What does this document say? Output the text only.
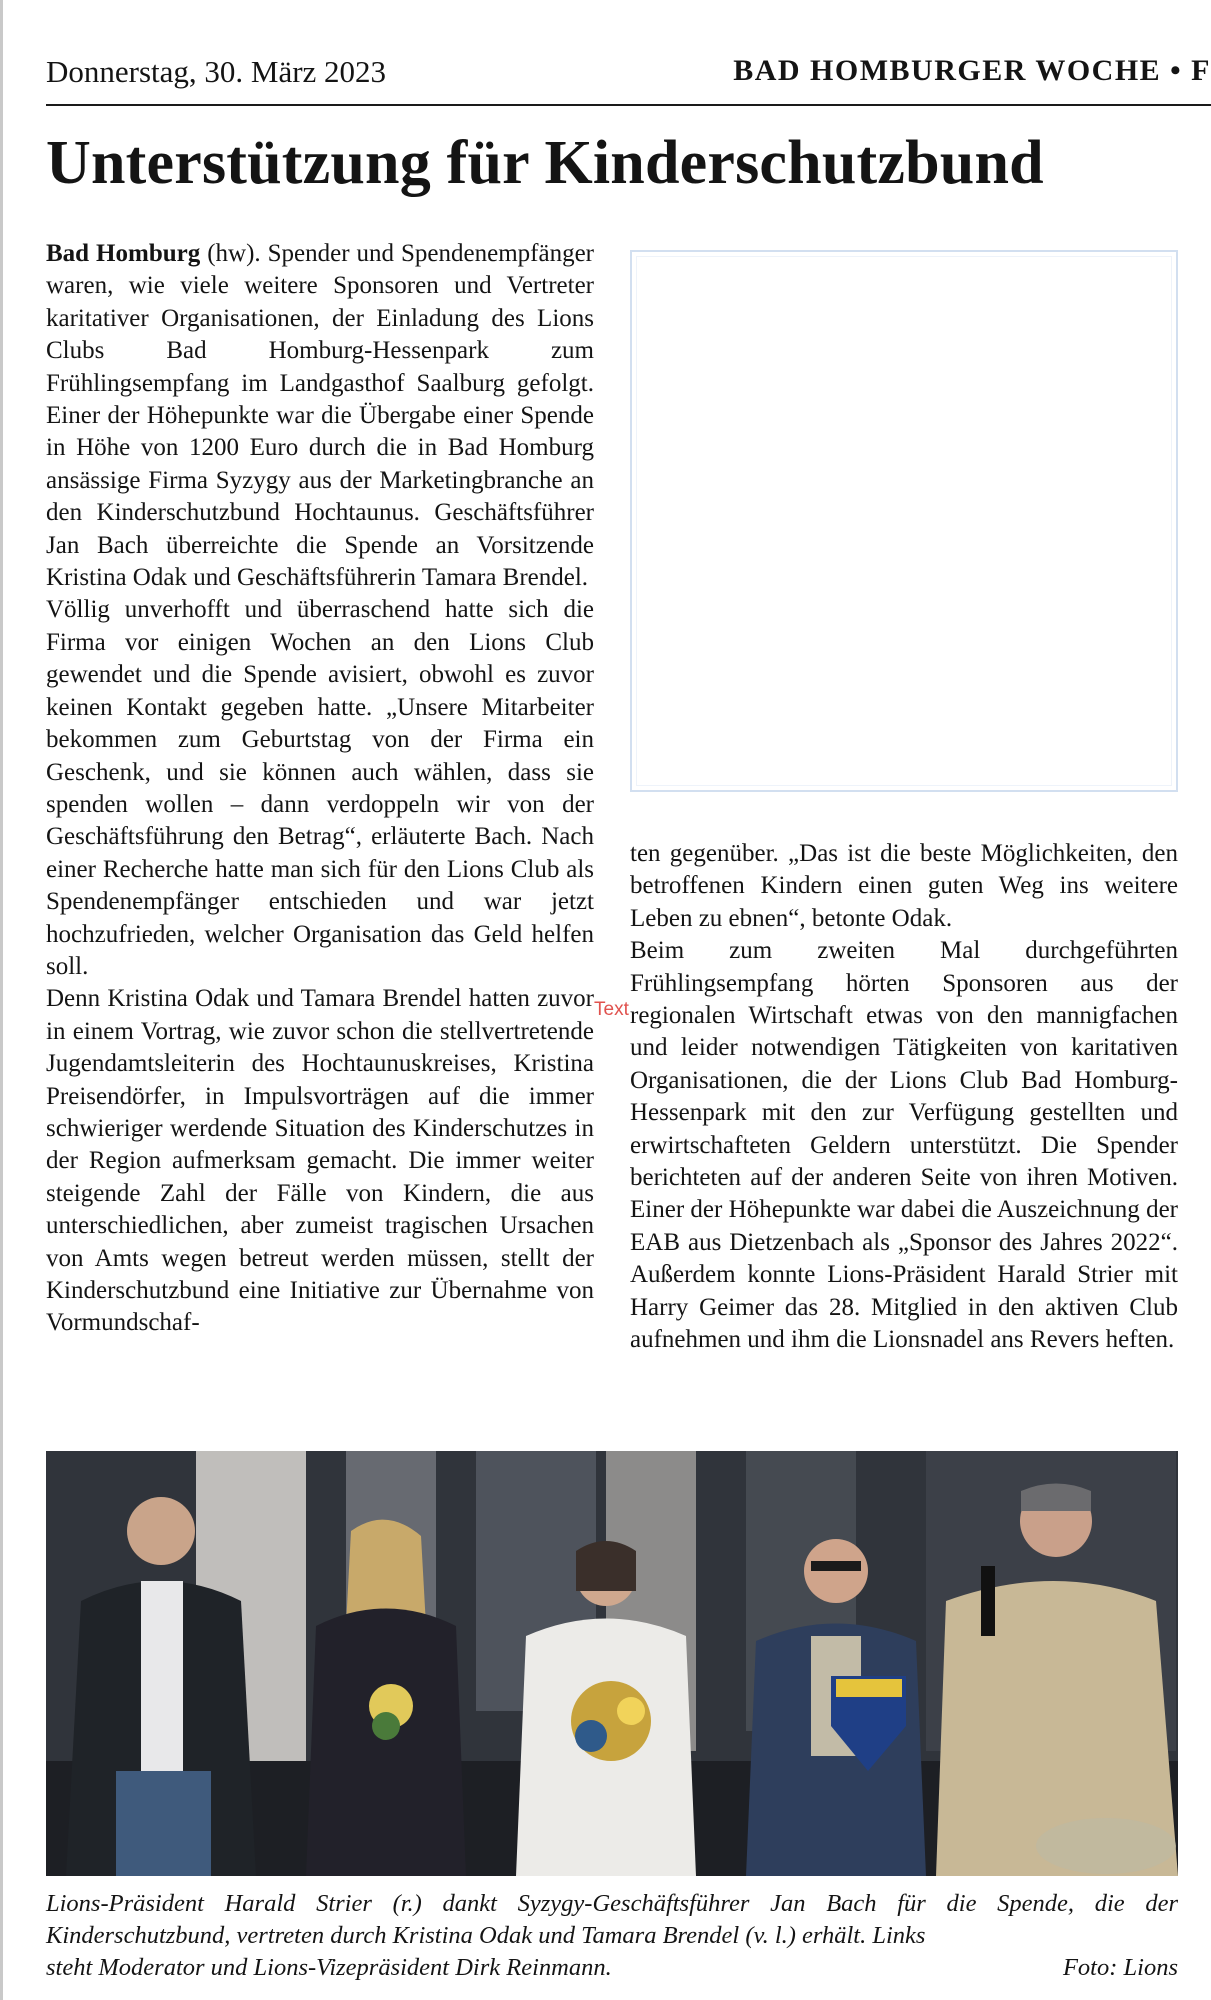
Donnerstag, 30. März 2023	BAD HOMBURGER WOCHE • F
Unterstützung für Kinderschutzbund

Bad Homburg (hw). Spender und Spendenempfänger waren, wie viele weitere Sponsoren und Vertreter karitativer Organisationen, der Einladung des Lions Clubs Bad Homburg-Hessenpark zum Frühlingsempfang im Landgasthof Saalburg gefolgt. Einer der Höhepunkte war die Übergabe einer Spende in Höhe von 1200 Euro durch die in Bad Homburg ansässige Firma Syzygy aus der Marketingbranche an den Kinderschutzbund Hochtaunus. Geschäftsführer Jan Bach überreichte die Spende an Vorsitzende Kristina Odak und Geschäftsführerin Tamara Brendel.

Völlig unverhofft und überraschend hatte sich die Firma vor einigen Wochen an den Lions Club gewendet und die Spende avisiert, obwohl es zuvor keinen Kontakt gegeben hatte. „Unsere Mitarbeiter bekommen zum Geburtstag von der Firma ein Geschenk, und sie können auch wählen, dass sie spenden wollen – dann verdoppeln wir von der Geschäftsführung den Betrag“, erläuterte Bach. Nach einer Recherche hatte man sich für den Lions Club als Spendenempfänger entschieden und war jetzt hochzufrieden, welcher Organisation das Geld helfen soll.

Denn Kristina Odak und Tamara Brendel hatten zuvor in einem Vortrag, wie zuvor schon die stellvertretende Jugendamtsleiterin des Hochtaunuskreises, Kristina Preisendörfer, in Impulsvorträgen auf die immer schwieriger werdende Situation des Kinderschutzes in der Region aufmerksam gemacht. Die immer weiter steigende Zahl der Fälle von Kindern, die aus unterschiedlichen, aber zumeist tragischen Ursachen von Amts wegen betreut werden müssen, stellt der Kinderschutzbund eine Initiative zur Übernahme von Vormundschaf-

ten gegenüber. „Das ist die beste Möglichkeiten, den betroffenen Kindern einen guten Weg ins weitere Leben zu ebnen“, betonte Odak.

Beim zum zweiten Mal durchgeführten Frühlingsempfang hörten Sponsoren aus der regionalen Wirtschaft etwas von den mannigfachen und leider notwendigen Tätigkeiten von karitativen Organisationen, die der Lions Club Bad Homburg-Hessenpark mit den zur Verfügung gestellten und erwirtschafteten Geldern unterstützt. Die Spender berichteten auf der anderen Seite von ihren Motiven. Einer der Höhepunkte war dabei die Auszeichnung der EAB aus Dietzenbach als „Sponsor des Jahres 2022“. Außerdem konnte Lions-Präsident Harald Strier mit Harry Geimer das 28. Mitglied in den aktiven Club aufnehmen und ihm die Lionsnadel ans Revers heften.

Text
Lions-Präsident Harald Strier (r.) dankt Syzygy-Geschäftsführer Jan Bach für die Spende, die der Kinderschutzbund, vertreten durch Kristina Odak und Tamara Brendel (v. l.) erhält. Links
steht Moderator und Lions-Vizepräsident Dirk Reinmann.	Foto: Lions
